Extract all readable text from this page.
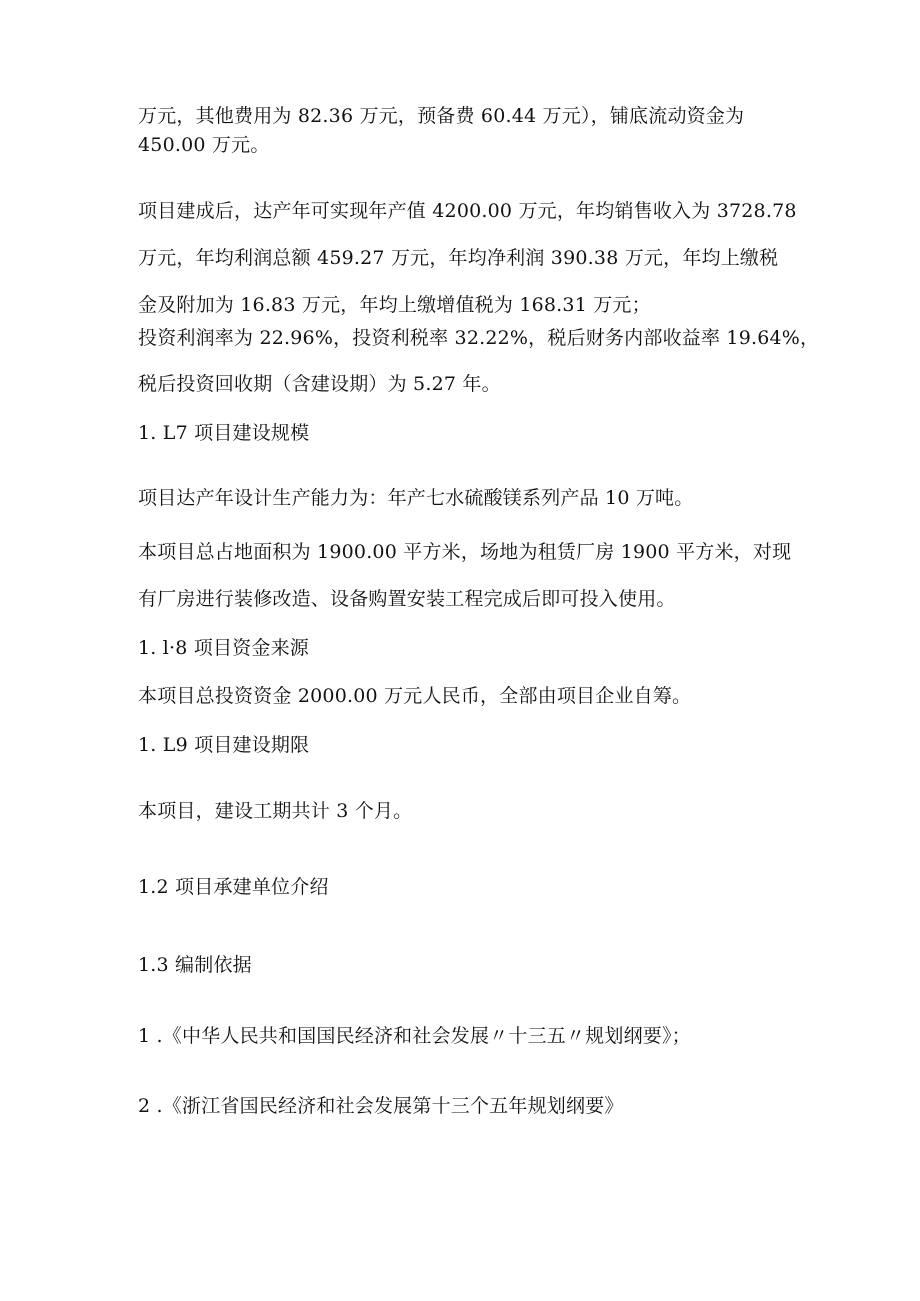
万元，其他费用为 82.36 万元，预备费 60.44 万元），铺底流动资金为
450.00 万元。
项目建成后，达产年可实现年产值 4200.00 万元，年均销售收入为 3728.78
万元，年均利润总额 459.27 万元，年均净利润 390.38 万元，年均上缴税
金及附加为 16.83 万元，年均上缴增值税为 168.31 万元；
投资利润率为 22.96%，投资利税率 32.22%，税后财务内部收益率 19.64%，
税后投资回收期（含建设期）为 5.27 年。
1. L7 项目建设规模
项目达产年设计生产能力为：年产七水硫酸镁系列产品 10 万吨。
本项目总占地面积为 1900.00 平方米，场地为租赁厂房 1900 平方米，对现
有厂房进行装修改造、设备购置安装工程完成后即可投入使用。
1. l·8 项目资金来源
本项目总投资资金 2000.00 万元人民币，全部由项目企业自筹。
1. L9 项目建设期限
本项目，建设工期共计 3 个月。
1.2 项目承建单位介绍
1.3 编制依据
1 .《中华人民共和国国民经济和社会发展〃十三五〃规划纲要》；
2 .《浙江省国民经济和社会发展第十三个五年规划纲要》
